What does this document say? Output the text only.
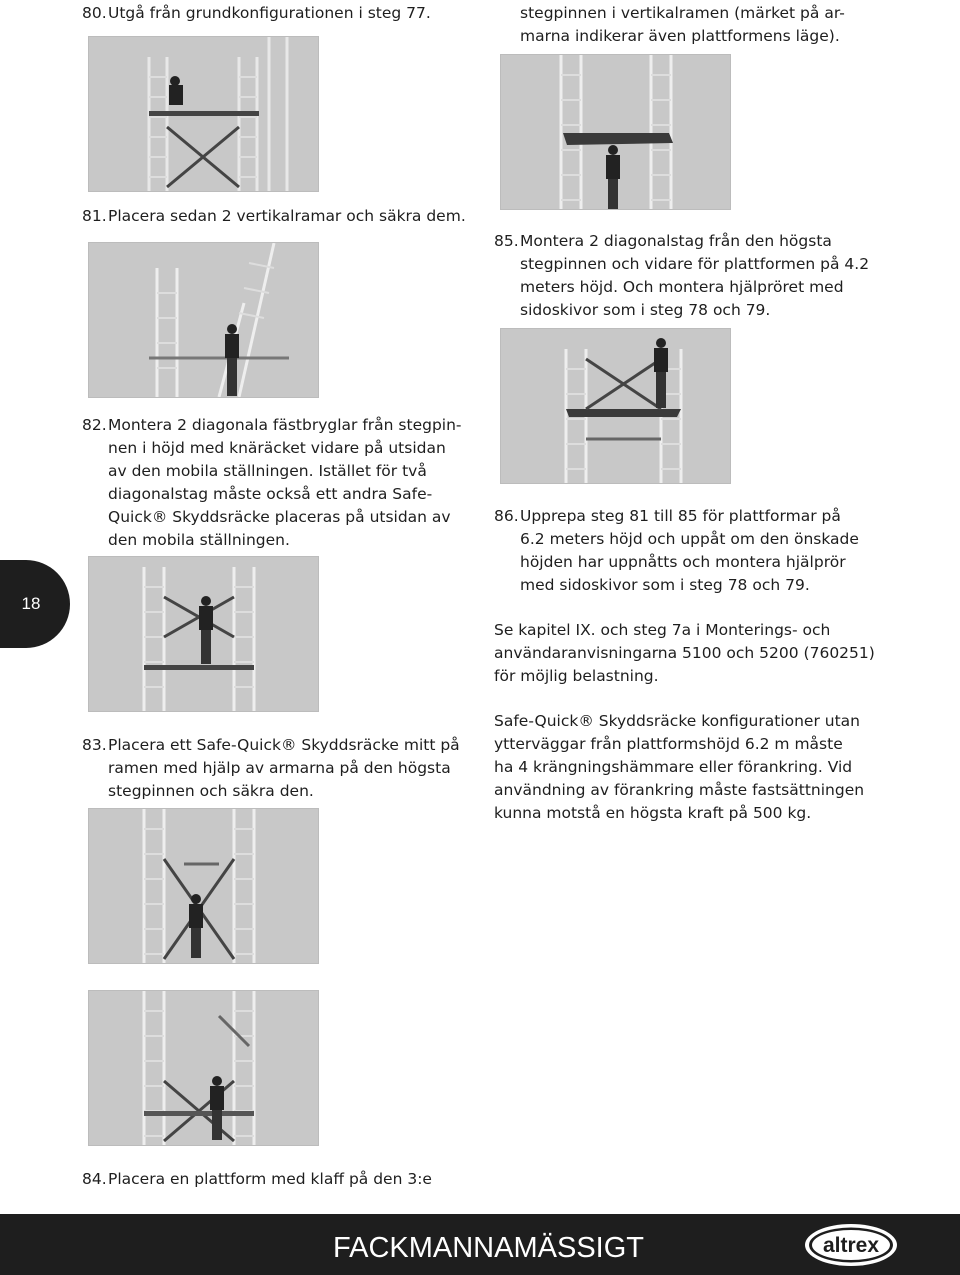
80. Utgå från grundkonfigurationen i steg 77.
81. Placera sedan 2 vertikalramar och säkra dem.
82. Montera 2 diagonala fästbryglar från stegpin-
nen i höjd med knäräcket vidare på utsidan
av den mobila ställningen. Istället för två
diagonalstag måste också ett andra Safe-
Quick® Skyddsräcke placeras på utsidan av
den mobila ställningen.
83. Placera ett Safe-Quick® Skyddsräcke mitt på
ramen med hjälp av armarna på den högsta
stegpinnen och säkra den.
84. Placera en plattform med klaff på den 3:e
stegpinnen i vertikalramen (märket på ar-
marna indikerar även plattformens läge).
85. Montera 2 diagonalstag från den högsta
stegpinnen och vidare för plattformen på 4.2
meters höjd. Och montera hjälpröret med
sidoskivor som i steg 78 och 79.
86. Upprepa steg 81 till 85 för plattformar på
6.2 meters höjd och uppåt om den önskade
höjden har uppnåtts och montera hjälprör
med sidoskivor som i steg 78 och 79.
Se kapitel IX. och steg 7a i Monterings- och
användaranvisningarna 5100 och 5200 (760251)
för möjlig belastning.
Safe-Quick® Skyddsräcke konfigurationer utan
ytterväggar från plattformshöjd 6.2 m måste
ha 4 krängningshämmare eller förankring. Vid
användning av förankring måste fastsättningen
kunna motstå en högsta kraft på 500 kg.
18
FACKMANNAMÄSSIGT	altrex
